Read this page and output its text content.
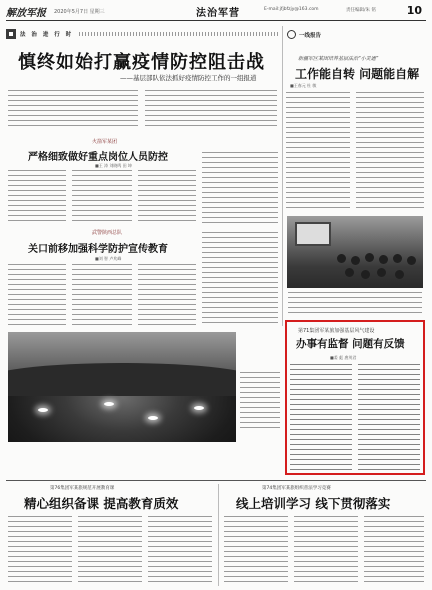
解放军报 2020年5月7日 星期三	法治军营	E-mail:jfjbfzjy@163.com	责任编辑/朱 铭	10
法 治 进 行 时	一线报告
慎终如始打赢疫情防控阻击战
——基层部队依法抓好疫情防控工作的一组报道
新疆军区某团培养基层法治“小灵通”
工作能自转 问题能自解
■王春元 杜 敏
火箭军某团
严格细致做好重点岗位人员防控
■王 涛 刘晓鸣 田 坤
武警陕西总队
关口前移加强科学防护宣传教育
■刘 智 卢兆峰
第71集团军某旅加强基层风气建设
办事有监督 问题有反馈
■姜 彪 唐茂君
第76集团军某旅规范开展教育课
精心组织备课 提高教育质效
第74集团军某旅组织普法学习竞赛
线上培训学习 线下贯彻落实
